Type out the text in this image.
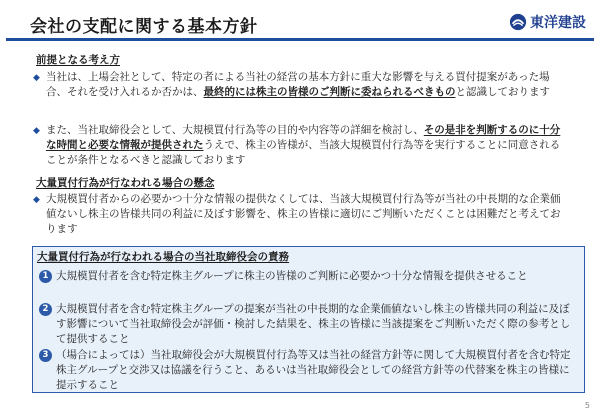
会社の支配に関する基本方針	東洋建設
前提となる考え方
◆ 当社は、上場会社として、特定の者による当社の経営の基本方針に重大な影響を与える買付提案があった場合、それを受け入れるか否かは、最終的には株主の皆様のご判断に委ねられるべきものと認識しております
◆ また、当社取締役会として、大規模買付行為等の目的や内容等の詳細を検討し、その是非を判断するのに十分な時間と必要な情報が提供されたうえで、株主の皆様が、当該大規模買付行為等を実行することに同意されることが条件となるべきと認識しております
大量買付行為が行なわれる場合の懸念
◆ 大規模買付者からの必要かつ十分な情報の提供なくしては、当該大規模買付行為等が当社の中長期的な企業価値ないし株主の皆様共同の利益に及ぼす影響を、株主の皆様に適切にご判断いただくことは困難だと考えております
大量買付行為が行なわれる場合の当社取締役会の責務
1 大規模買付者を含む特定株主グループに株主の皆様のご判断に必要かつ十分な情報を提供させること
2 大規模買付者を含む特定株主グループの提案が当社の中長期的な企業価値ないし株主の皆様共同の利益に及ぼす影響について当社取締役会が評価・検討した結果を、株主の皆様に当該提案をご判断いただく際の参考として提供すること
3 （場合によっては）当社取締役会が大規模買付行為等又は当社の経営方針等に関して大規模買付者を含む特定株主グループと交渉又は協議を行うこと、あるいは当社取締役会としての経営方針等の代替案を株主の皆様に提示すること
5
